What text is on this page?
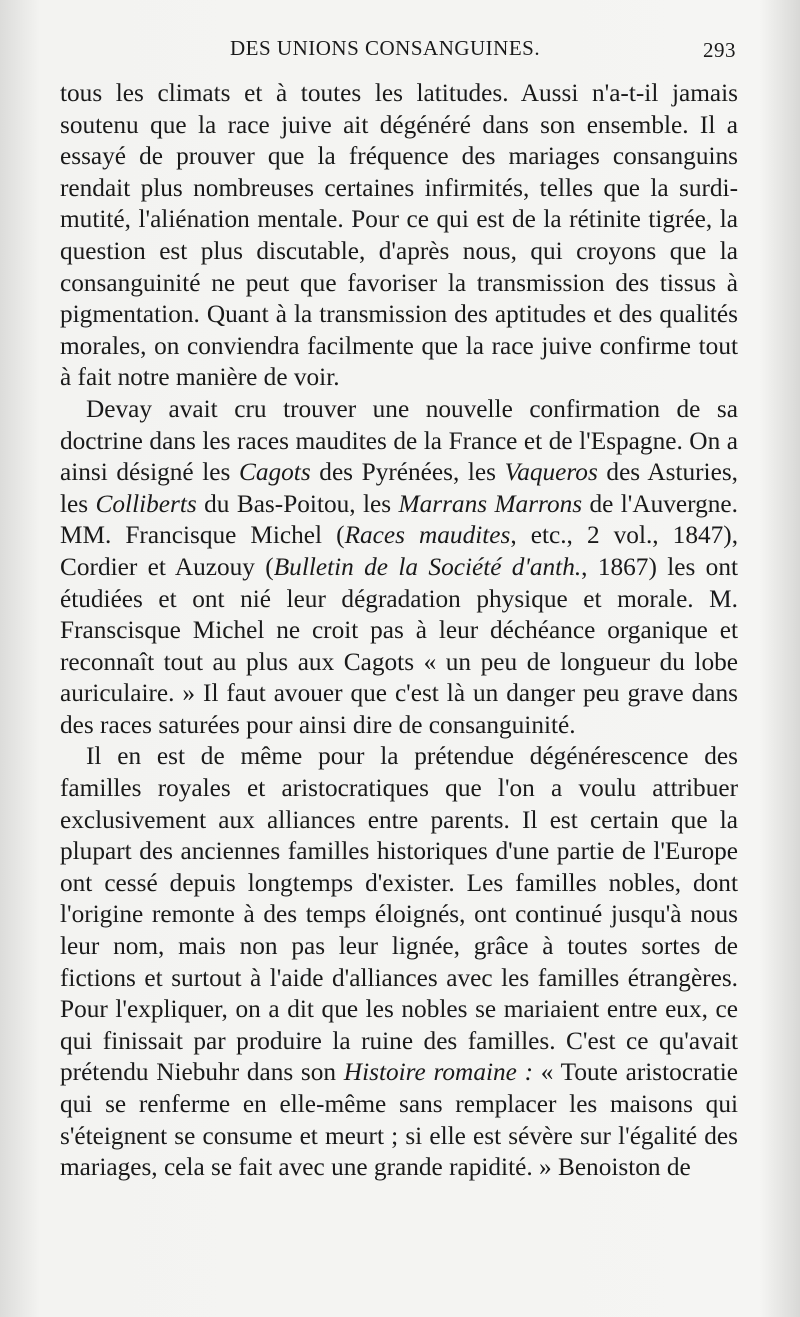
DES UNIONS CONSANGUINES.	293

tous les climats et à toutes les latitudes. Aussi n'a-t-il jamais soutenu que la race juive ait dégénéré dans son ensemble. Il a essayé de prouver que la fréquence des mariages consanguins rendait plus nombreuses certaines infirmités, telles que la surdi-mutité, l'aliénation mentale. Pour ce qui est de la rétinite tigrée, la question est plus discutable, d'après nous, qui croyons que la consanguinité ne peut que favoriser la transmission des tissus à pigmentation. Quant à la transmission des aptitudes et des qualités morales, on conviendra facilmente que la race juive confirme tout à fait notre manière de voir.

Devay avait cru trouver une nouvelle confirmation de sa doctrine dans les races maudites de la France et de l'Espagne. On a ainsi désigné les Cagots des Pyrénées, les Vaqueros des Asturies, les Colliberts du Bas-Poitou, les Marrans Marrons de l'Auvergne. MM. Francisque Michel (Races maudites, etc., 2 vol., 1847), Cordier et Auzouy (Bulletin de la Société d'anth., 1867) les ont étudiées et ont nié leur dégradation physique et morale. M. Franscisque Michel ne croit pas à leur déchéance organique et reconnaît tout au plus aux Cagots « un peu de longueur du lobe auriculaire. » Il faut avouer que c'est là un danger peu grave dans des races saturées pour ainsi dire de consanguinité.

Il en est de même pour la prétendue dégénérescence des familles royales et aristocratiques que l'on a voulu attribuer exclusivement aux alliances entre parents. Il est certain que la plupart des anciennes familles historiques d'une partie de l'Europe ont cessé depuis longtemps d'exister. Les familles nobles, dont l'origine remonte à des temps éloignés, ont continué jusqu'à nous leur nom, mais non pas leur lignée, grâce à toutes sortes de fictions et surtout à l'aide d'alliances avec les familles étrangères. Pour l'expliquer, on a dit que les nobles se mariaient entre eux, ce qui finissait par produire la ruine des familles. C'est ce qu'avait prétendu Niebuhr dans son Histoire romaine : « Toute aristocratie qui se renferme en elle-même sans remplacer les maisons qui s'éteignent se consume et meurt ; si elle est sévère sur l'égalité des mariages, cela se fait avec une grande rapidité. » Benoiston de
